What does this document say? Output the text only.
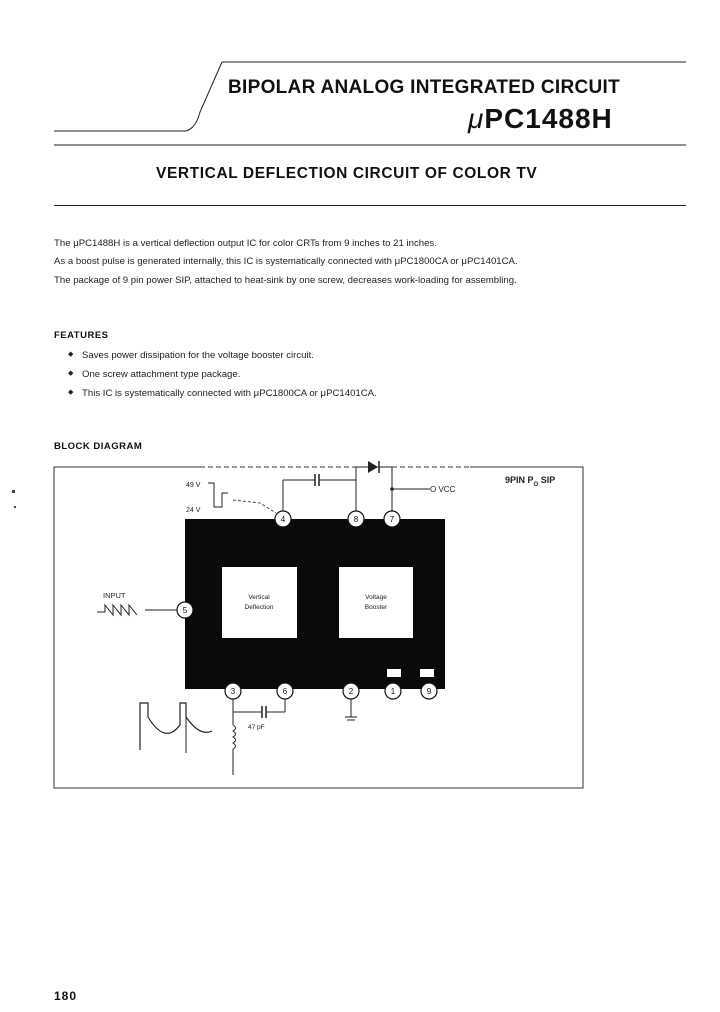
BIPOLAR ANALOG INTEGRATED CIRCUIT
μPC1488H
VERTICAL DEFLECTION CIRCUIT OF COLOR TV
The μPC1488H is a vertical deflection output IC for color CRTs from 9 inches to 21 inches.
As a boost pulse is generated internally, this IC is systematically connected with μPC1800CA or μPC1401CA.
The package of 9 pin power SIP, attached to heat-sink by one screw, decreases work-loading for assembling.
FEATURES
◆ Saves power dissipation for the voltage booster circuit.
◆ One screw attachment type package.
◆ This IC is systematically connected with μPC1800CA or μPC1401CA.
BLOCK DIAGRAM
9PIN $P_O$ SIP
Vertical
Deflection
Voltage
Booster
4	8	7
5
3	6	2	1	9
O VCC
49 V
24 V
INPUT
47 pF
180
